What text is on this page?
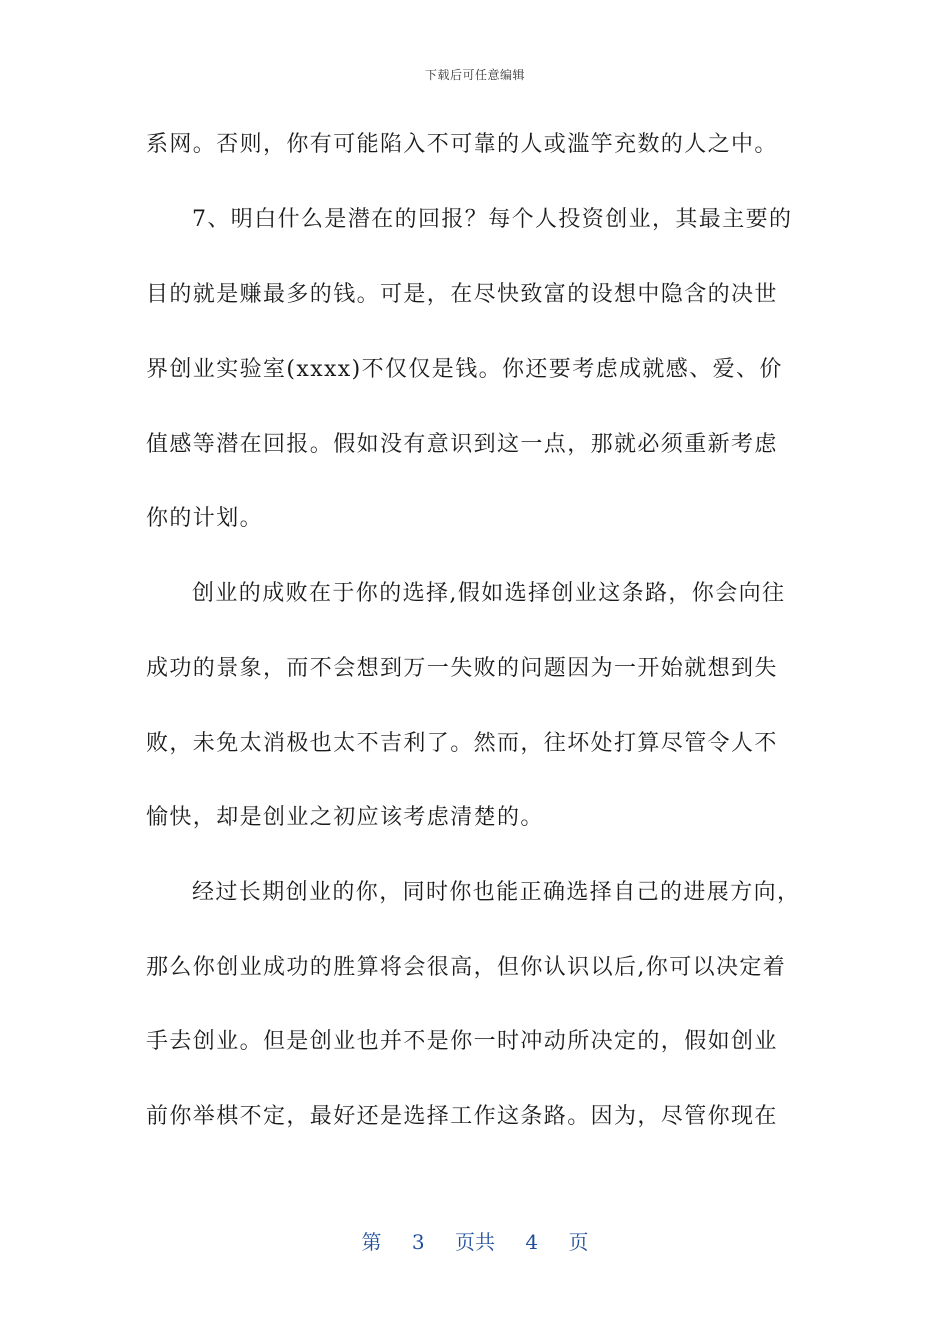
下载后可任意编辑
系网。否则，你有可能陷入不可靠的人或滥竽充数的人之中。
7、明白什么是潜在的回报？每个人投资创业，其最主要的
目的就是赚最多的钱。可是，在尽快致富的设想中隐含的决世
界创业实验室(xxxx)不仅仅是钱。你还要考虑成就感、爱、价
值感等潜在回报。假如没有意识到这一点，那就必须重新考虑
你的计划。
创业的成败在于你的选择,假如选择创业这条路，你会向往
成功的景象，而不会想到万一失败的问题因为一开始就想到失
败，未免太消极也太不吉利了。然而，往坏处打算尽管令人不
愉快，却是创业之初应该考虑清楚的。
经过长期创业的你，同时你也能正确选择自己的进展方向，
那么你创业成功的胜算将会很高，但你认识以后,你可以决定着
手去创业。但是创业也并不是你一时冲动所决定的，假如创业
前你举棋不定，最好还是选择工作这条路。因为，尽管你现在
第 3 页共 4 页
